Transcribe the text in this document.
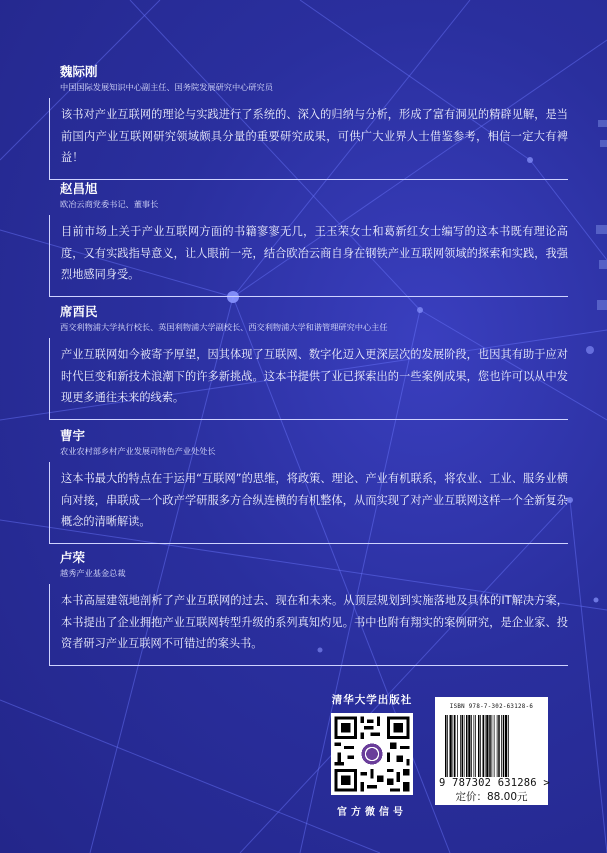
魏际刚
中国国际发展知识中心副主任、国务院发展研究中心研究员
该书对产业互联网的理论与实践进行了系统的、深入的归纳与分析，形成了富有洞见的精辟见解，是当前国内产业互联网研究领域颇具分量的重要研究成果，可供广大业界人士借鉴参考，相信一定大有裨益！
赵昌旭
欧冶云商党委书记、董事长
目前市场上关于产业互联网方面的书籍寥寥无几，王玉荣女士和葛新红女士编写的这本书既有理论高度，又有实践指导意义，让人眼前一亮，结合欧冶云商自身在钢铁产业互联网领域的探索和实践，我强烈地感同身受。
席酉民
西交利物浦大学执行校长、英国利物浦大学副校长、西交利物浦大学和谐管理研究中心主任
产业互联网如今被寄予厚望，因其体现了互联网、数字化迈入更深层次的发展阶段，也因其有助于应对时代巨变和新技术浪潮下的许多新挑战。这本书提供了业已探索出的一些案例成果，您也许可以从中发现更多通往未来的线索。
曹宇
农业农村部乡村产业发展司特色产业处处长
这本书最大的特点在于运用“互联网”的思维，将政策、理论、产业有机联系，将农业、工业、服务业横向对接，串联成一个政产学研服多方合纵连横的有机整体，从而实现了对产业互联网这样一个全新复杂概念的清晰解读。
卢荣
越秀产业基金总裁
本书高屋建瓴地剖析了产业互联网的过去、现在和未来。从顶层规划到实施落地及具体的IT解决方案，本书提出了企业拥抱产业互联网转型升级的系列真知灼见。书中也附有翔实的案例研究，是企业家、投资者研习产业互联网不可错过的案头书。
清华大学出版社
官方微信号
ISBN 978-7-302-63128-6
9 787302 631286 >
定价：88.00元
